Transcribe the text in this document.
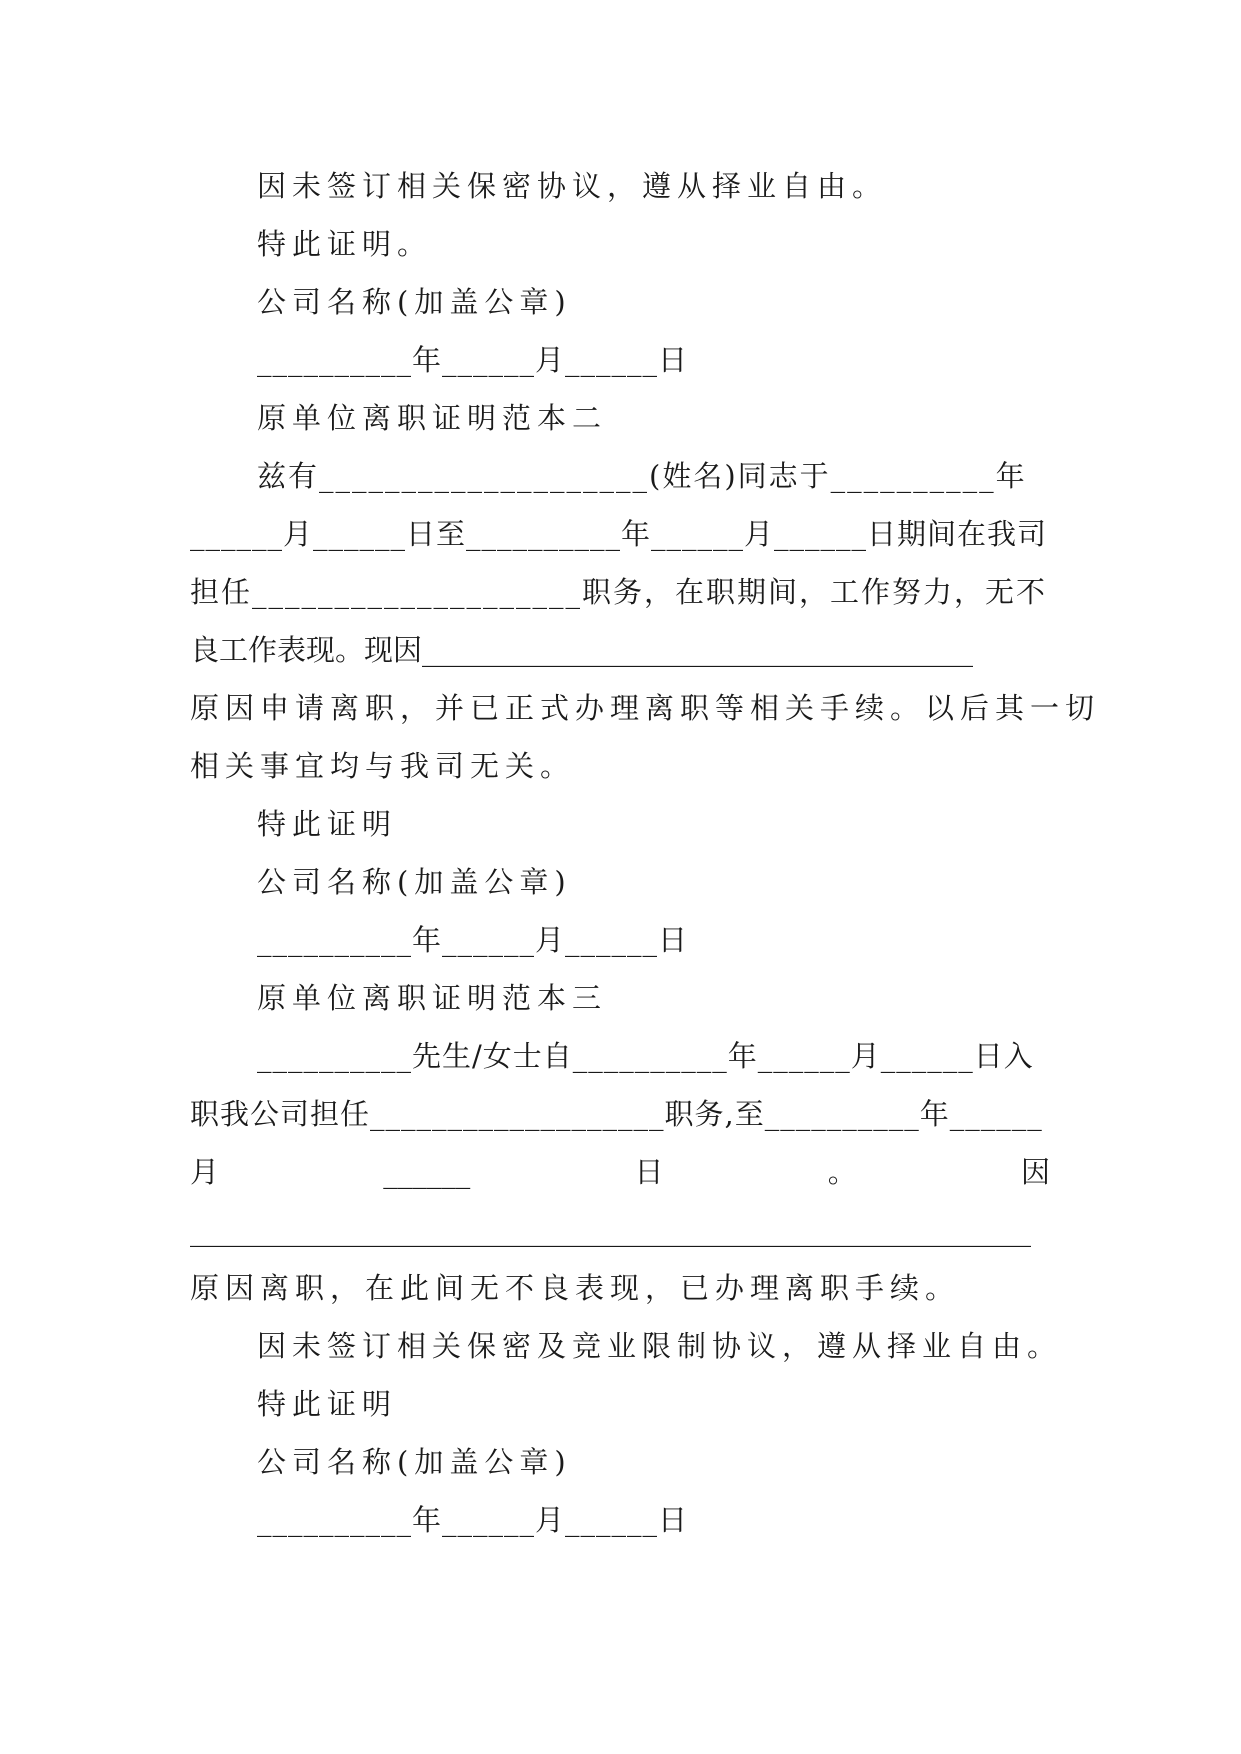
因未签订相关保密协议，遵从择业自由。
特此证明。
公司名称(加盖公章)
__________年______月______日
原单位离职证明范本二
兹有____________________(姓名)同志于__________年
______月______日至__________年______月______日期间在我司
担任____________________职务，在职期间，工作努力，无不
良工作表现。现因______________________________________
原因申请离职，并已正式办理离职等相关手续。以后其一切
相关事宜均与我司无关。
特此证明
公司名称(加盖公章)
__________年______月______日
原单位离职证明范本三
__________先生/女士自__________年______月______日入
职我公司担任___________________职务,至__________年______
月	______	日	。	因
__________________________________________________________
原因离职，在此间无不良表现，已办理离职手续。
因未签订相关保密及竞业限制协议，遵从择业自由。
特此证明
公司名称(加盖公章)
__________年______月______日
